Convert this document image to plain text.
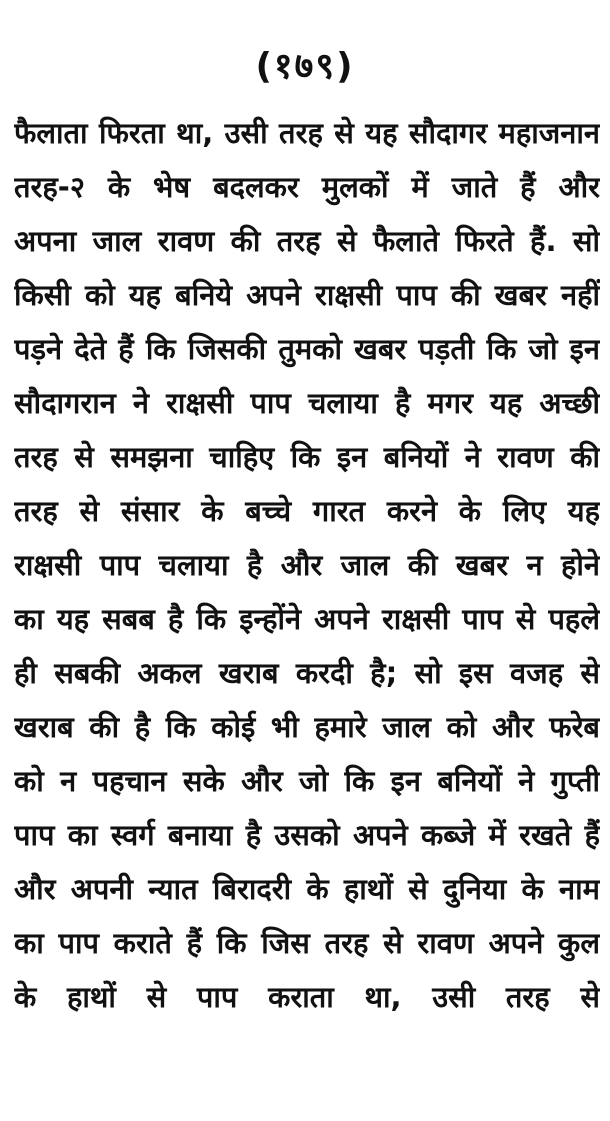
(१७९)
फैलाता फिरता था, उसी तरह से यह सौदागर महाजनान
तरह-२ के भेष बदलकर मुलकों में जाते हैं और
अपना जाल रावण की तरह से फैलाते फिरते हैं. सो
किसी को यह बनिये अपने राक्षसी पाप की खबर नहीं
पड़ने देते हैं कि जिसकी तुमको खबर पड़ती कि जो इन
सौदागरान ने राक्षसी पाप चलाया है मगर यह अच्छी
तरह से समझना चाहिए कि इन बनियों ने रावण की
तरह से संसार के बच्चे गारत करने के लिए यह
राक्षसी पाप चलाया है और जाल की खबर न होने
का यह सबब है कि इन्होंने अपने राक्षसी पाप से पहले
ही सबकी अकल खराब करदी है; सो इस वजह से
खराब की है कि कोई भी हमारे जाल को और फरेब
को न पहचान सके और जो कि इन बनियों ने गुप्ती
पाप का स्वर्ग बनाया है उसको अपने कब्जे में रखते हैं
और अपनी न्यात बिरादरी के हाथों से दुनिया के नाम
का पाप कराते हैं कि जिस तरह से रावण अपने कुल
के हाथों से पाप कराता था, उसी तरह से
